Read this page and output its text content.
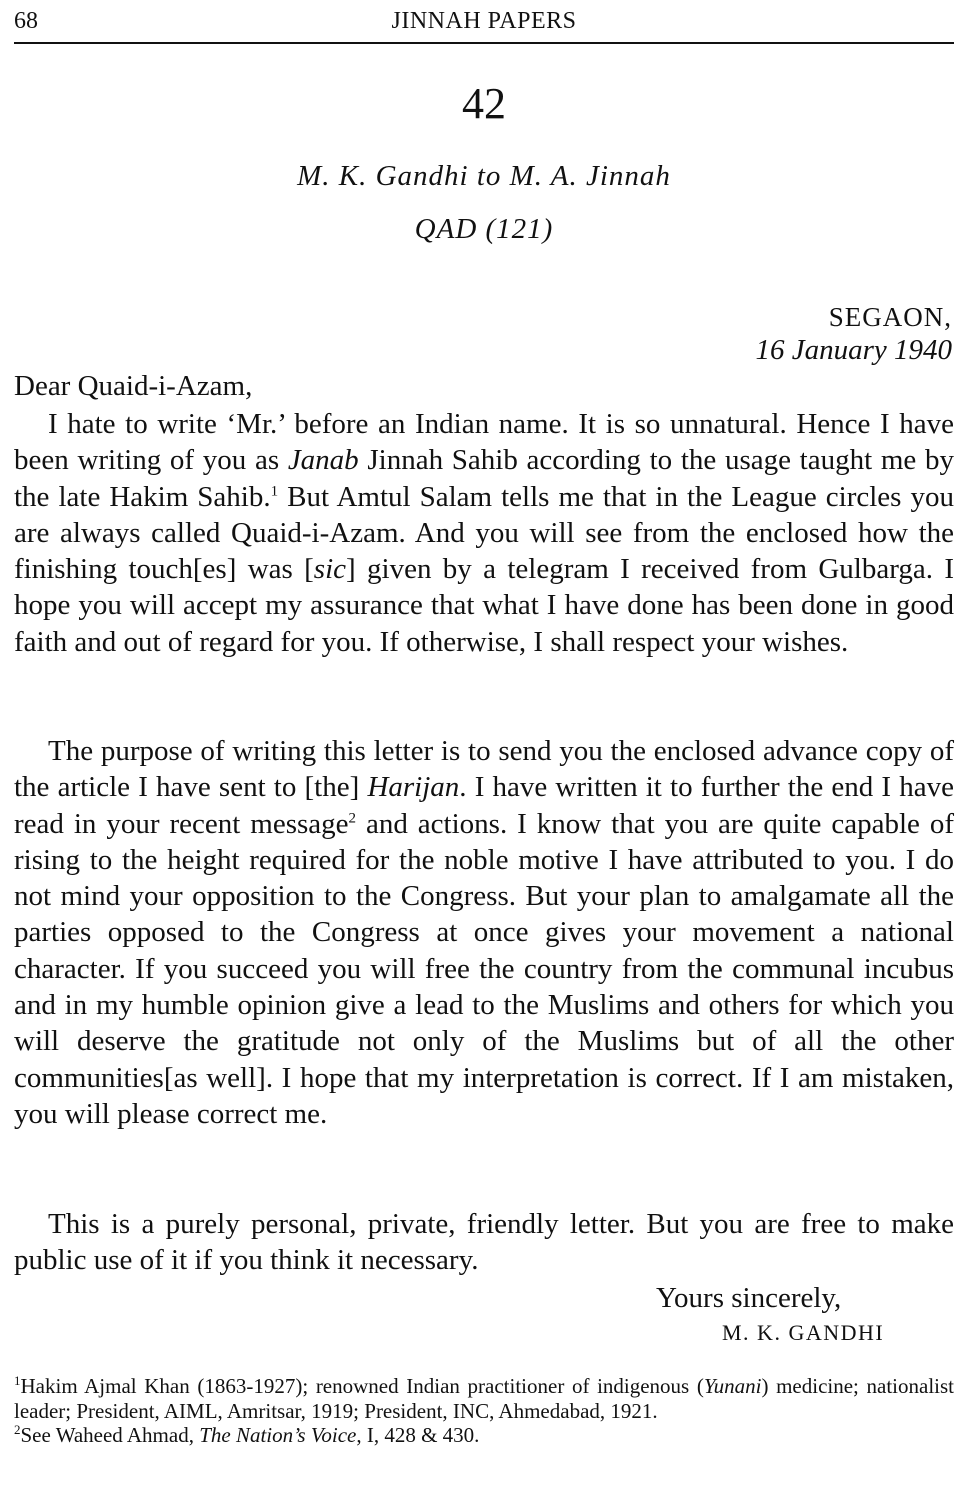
68	JINNAH PAPERS
42
M. K. Gandhi to M. A. Jinnah
QAD (121)
SEGAON,
16 January 1940
Dear Quaid-i-Azam,

I hate to write ‘Mr.’ before an Indian name. It is so unnatural. Hence I have been writing of you as Janab Jinnah Sahib according to the usage taught me by the late Hakim Sahib.$^1$ But Amtul Salam tells me that in the League circles you are always called Quaid-i-Azam. And you will see from the enclosed how the finishing touch[es] was [sic] given by a telegram I received from Gulbarga. I hope you will accept my assurance that what I have done has been done in good faith and out of regard for you. If otherwise, I shall respect your wishes.

The purpose of writing this letter is to send you the enclosed advance copy of the article I have sent to [the] Harijan. I have written it to further the end I have read in your recent message$^2$ and actions. I know that you are quite capable of rising to the height required for the noble motive I have attributed to you. I do not mind your opposition to the Congress. But your plan to amalgamate all the parties opposed to the Congress at once gives your movement a national character. If you succeed you will free the country from the communal incubus and in my humble opinion give a lead to the Muslims and others for which you will deserve the gratitude not only of the Muslims but of all the other communities[as well]. I hope that my interpretation is correct. If I am mistaken, you will please correct me.

This is a purely personal, private, friendly letter. But you are free to make public use of it if you think it necessary.

Yours sincerely,
M. K. GANDHI

$^1$Hakim Ajmal Khan (1863-1927); renowned Indian practitioner of indigenous (Yunani) medicine; nationalist leader; President, AIML, Amritsar, 1919; President, INC, Ahmedabad, 1921.

$^2$See Waheed Ahmad, The Nation’s Voice, I, 428 & 430.
